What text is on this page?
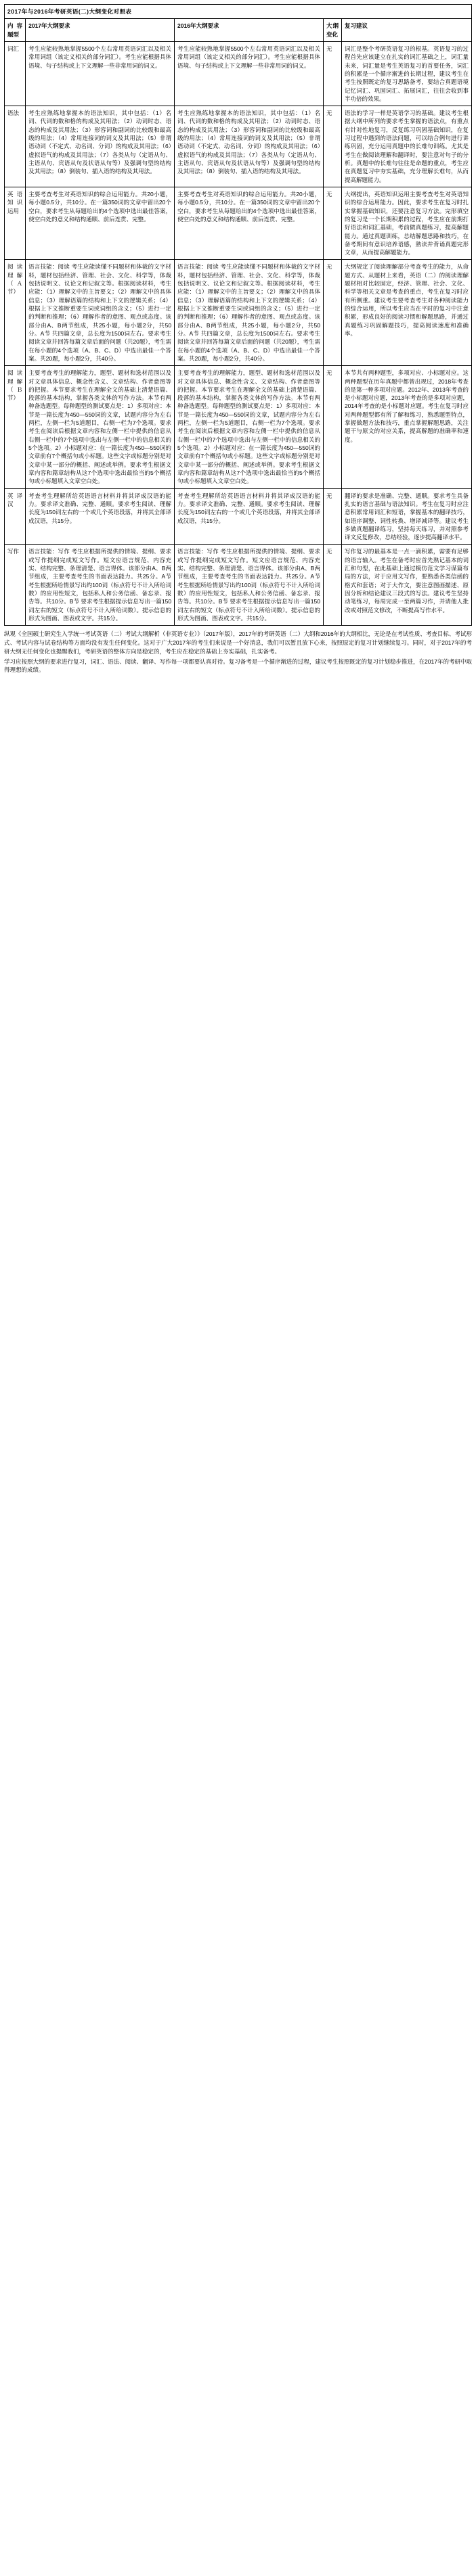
2017年与2016年考研英语(二)大纲变化对照表				
内容题型	2017年大纲要求	2016年大纲要求	大纲变化	复习建议
词汇	考生应能较熟地掌握5500个左右常用英语词汇以及相关常用词组（该定义相关的部分词汇）。考生应能根据具体语境、句子结构或上下文理解一些非常用词的词义。	考生应能较熟地掌握5500个左右常用英语词汇以及相关常用词组（该定义相关的部分词汇）。考生应能根据具体语境、句子结构或上下文理解一些非常用词的词义。	无	词汇是整个考研英语复习的根基。英语复习的过程首先应该建立在扎实的词汇基础之上，词汇量未来，词汇量是考生英语复习的首要任务，词汇的积累是一个循序渐进的长期过程，建议考生在考生按照既定的复习思路备考，要结合真题语境记忆词汇、巩固词汇、拓展词汇，往往会收到事半功倍的效果。
语法	考生应熟练地掌握本的语法知识，其中包括：（1）名词、代词的数和格的构成及其用法；（2）动词时态、语态的构成及其用法；（3）形容词和副词的比较级和最高级的用法；（4）常用连接词的词义及其用法；（5）非谓语动词（不定式、动名词、分词）的构成及其用法；（6）虚拟语气的构成及其用法；（7）各类从句（定语从句、主语从句、宾语从句及状语从句等）及强调句型的结构及其用法；（8）倒装句、插入语的结构及其用法。	考生应熟练地掌握本的语法知识，其中包括：（1）名词、代词的数和格的构成及其用法；（2）动词时态、语态的构成及其用法；（3）形容词和副词的比较级和最高级的用法；（4）常用连接词的词义及其用法；（5）非谓语动词（不定式、动名词、分词）的构成及其用法；（6）虚拟语气的构成及其用法；（7）各类从句（定语从句、主语从句、宾语从句及状语从句等）及强调句型的结构及其用法；（8）倒装句、插入语的结构及其用法。	无	语法的学习一样是英语学习的基础。建议考生根据大纲中所列的要求考生掌握的语法点，有重点有针对性地复习，反复练习巩固基础知识，在复习过程中遇到的语法问题，可以结合例句进行讲练巩固，充分运用真题中的长难句训练。尤其是考生在做阅读理解和翻译时，要注意对句子的分析。真题中的长难句往往是命题的重点，考生应在真题复习中夯实基础，充分理解长难句，从而提高解题能力。
英语知识运用	主要考查考生对英语知识的综合运用能力。共20小题，每小题0.5分，共10分。在一篇350词的文章中留出20个空白，要求考生从每题给出的4个选项中选出最佳答案，使空白处的意义和结构通顺、前后连贯、完整。	主要考查考生对英语知识的综合运用能力。共20小题，每小题0.5分，共10分。在一篇350词的文章中留出20个空白，要求考生从每题给出的4个选项中选出最佳答案，使空白处的意义和结构通顺、前后连贯、完整。	无	大纲提出，英语知识运用主要考查考生对英语知识的综合运用能力。因此，要求考生在复习时扎实掌握基础知识，还要注意复习方法。完形填空的复习是一个长期积累的过程，考生应在前期打好语法和词汇基础，考前做真题练习，提高解题能力。通过真题训练，总结解题思路和技巧，在备考期间有意识培养语感，熟读并背诵真题完形文章，从而提高解题能力。
阅读理解（Ａ节）	语言技能：阅读 考生应能读懂不同题材和体裁的文字材料，题材包括经济、管理、社会、文化、科学等，体裁包括说明文、议论文和记叙文等。根据阅读材料，考生应能：（1）理解文中的主旨要义；（2）理解文中的具体信息；（3）理解语篇的结构和上下文的逻辑关系；（4）根据上下文推断重要生词或词组的含义；（5）进行一定的判断和推理；（6）理解作者的意图、观点或态度。该部分由A、B两节组成，共25小题，每小题2分，共50分。A节 共四篇文章，总长度为1500词左右。要求考生阅读文章并回答每篇文章后面的问题（共20题），考生需在每小题的4个选项（A、B、C、D）中选出最佳一个答案。共20题，每小题2分，共40分。	语言技能：阅读 考生应能读懂不同题材和体裁的文字材料，题材包括经济、管理、社会、文化、科学等，体裁包括说明文、议论文和记叙文等。根据阅读材料，考生应能：（1）理解文中的主旨要义；（2）理解文中的具体信息；（3）理解语篇的结构和上下文的逻辑关系；（4）根据上下文推断重要生词或词组的含义；（5）进行一定的判断和推理；（6）理解作者的意图、观点或态度。该部分由A、B两节组成，共25小题，每小题2分，共50分。A节 共四篇文章，总长度为1500词左右。要求考生阅读文章并回答每篇文章后面的问题（共20题），考生需在每小题的4个选项（A、B、C、D）中选出最佳一个答案。共20题，每小题2分，共40分。	无	大纲规定了阅读理解部分考查考生的能力，从命题方式、从题材上来看，英语（二）的阅读理解题材相对比较固定，经济、管理、社会、文化、科学等相关文章是考查的重点，考生在复习时应有所侧重。建议考生要考查考生对各种阅读能力的综合运用，所以考生应当在平时的复习中注意积累，形成良好的阅读习惯和解题思路，并通过真题练习巩固解题技巧，提高阅读速度和准确率。
阅读理解（Ｂ节）	主要考查考生的理解能力，题型、题材和选材范围以及对文章具体信息、概念性含义、文章结构、作者意图等的把握。本节要求考生在理解全文的基础上清楚语篇、段落的基本结构，掌握各类文体的写作方法。本节有两种备选题型。每种题型的测试要点是：1）多项对应：本节是一篇长度为450—550词的文章，试题内容分为左右两栏，左侧一栏为5道题目，右侧一栏为7个选项。要求考生在阅读后根据文章内容和左侧一栏中提供的信息从右侧一栏中的7个选项中选出与左侧一栏中的信息相关的5个选项。2）小标题对应：在一篇长度为450—550词的文章前有7个概括句或小标题。这些文字或标题分别是对文章中某一部分的概括、阐述或举例。要求考生根据文章内容和篇章结构从这7个选项中选出最恰当的5个概括句或小标题填入文章空白处。	主要考查考生的理解能力，题型、题材和选材范围以及对文章具体信息、概念性含义、文章结构、作者意图等的把握。本节要求考生在理解全文的基础上清楚语篇、段落的基本结构，掌握各类文体的写作方法。本节有两种备选题型。每种题型的测试要点是：1）多项对应：本节是一篇长度为450—550词的文章，试题内容分为左右两栏，左侧一栏为5道题目，右侧一栏为7个选项。要求考生在阅读后根据文章内容和左侧一栏中提供的信息从右侧一栏中的7个选项中选出与左侧一栏中的信息相关的5个选项。2）小标题对应：在一篇长度为450—550词的文章前有7个概括句或小标题。这些文字或标题分别是对文章中某一部分的概括、阐述或举例。要求考生根据文章内容和篇章结构从这7个选项中选出最恰当的5个概括句或小标题填入文章空白处。	无	本节共有两种题型，多项对应、小标题对应。这两种题型在历年真题中都曾出现过，2018年考查的是第一种多项对应题。2012年、2013年考查的是小标题对应题，2013年考查的是多项对应题，2014年考查的是小标题对应题。考生在复习时应对两种题型都有所了解和练习，熟悉题型特点，掌握做题方法和技巧，重点掌握解题思路，关注题干与原文的对应关系，提高解题的准确率和速度。
英译汉	考查考生理解所给英语语言材料并将其译成汉语的能力。要求译文准确、完整、通顺。要求考生阅读、理解长度为150词左右的一个或几个英语段落，并将其全部译成汉语，共15分。	考查考生理解所给英语语言材料并将其译成汉语的能力。要求译文准确、完整、通顺。要求考生阅读、理解长度为150词左右的一个或几个英语段落，并将其全部译成汉语，共15分。	无	翻译的要求是准确、完整、通顺。要求考生具备扎实的语言基础与语法知识。考生在复习时应注意积累常用词汇和短语，掌握基本的翻译技巧，如语序调整、词性转换、增译减译等。建议考生多做真题翻译练习，坚持每天练习，并对照参考译文反复修改，总结经验，逐步提高翻译水平。
写作	语言技能：写作 考生应根据所提供的情境、提纲、要求或写作提纲完成短文写作。短文应语言规范、内容充实、结构完整、条理清楚、语言得体。该部分由A、B两节组成，主要考查考生的书面表达能力。共25分。A节 考生根据所给情景写出约100词（标点符号不计入所给词数）的应用性短文，包括私人和公务信函、备忘录、报告等。共10分。B节 要求考生根据提示信息写出一篇150词左右的短文（标点符号不计入所给词数）。提示信息的形式为图画、图表或文字。共15分。	语言技能：写作 考生应根据所提供的情境、提纲、要求或写作提纲完成短文写作。短文应语言规范、内容充实、结构完整、条理清楚、语言得体。该部分由A、B两节组成，主要考查考生的书面表达能力。共25分。A节 考生根据所给情景写出约100词（标点符号不计入所给词数）的应用性短文，包括私人和公务信函、备忘录、报告等。共10分。B节 要求考生根据提示信息写出一篇150词左右的短文（标点符号不计入所给词数）。提示信息的形式为图画、图表或文字。共15分。	无	写作复习的最基本是一点一滴积累，需要有足够的语言输入。考生在备考时应首先熟记基本的词汇和句型，在此基础上通过模仿范文学习谋篇布局的方法，对于应用文写作，要熟悉各类信函的格式和套语；对于大作文，要注意图画描述、原因分析和结论建议三段式的写法。建议考生坚持动笔练习，每周完成一至两篇习作，并请他人批改或对照范文修改，不断提高写作水平。

纵观《全国硕士研究生入学统一考试英语（二）考试大纲解析（非英语专业）》（2017年版），2017年的考研英语（二）大纲和2016年的大纲相比，无论是在考试性质、考查目标、考试形式、考试内容与试卷结构等方面均没有发生任何变化。这对于广大2017年的考生们来说是一个好消息，我们可以暂且放下心来，按照原定的复习计划继续复习。同时，对于2017年的考研大纲无任何变化也提醒我们，考研英语的整体方向是稳定的，考生应在稳定的基础上夯实基础，扎实备考。

学习应按照大纲的要求进行复习，词汇、语法、阅读、翻译、写作每一项都要认真对待。复习备考是一个循序渐进的过程，建议考生按照既定的复习计划稳步推进，在2017年的考研中取得理想的成绩。
